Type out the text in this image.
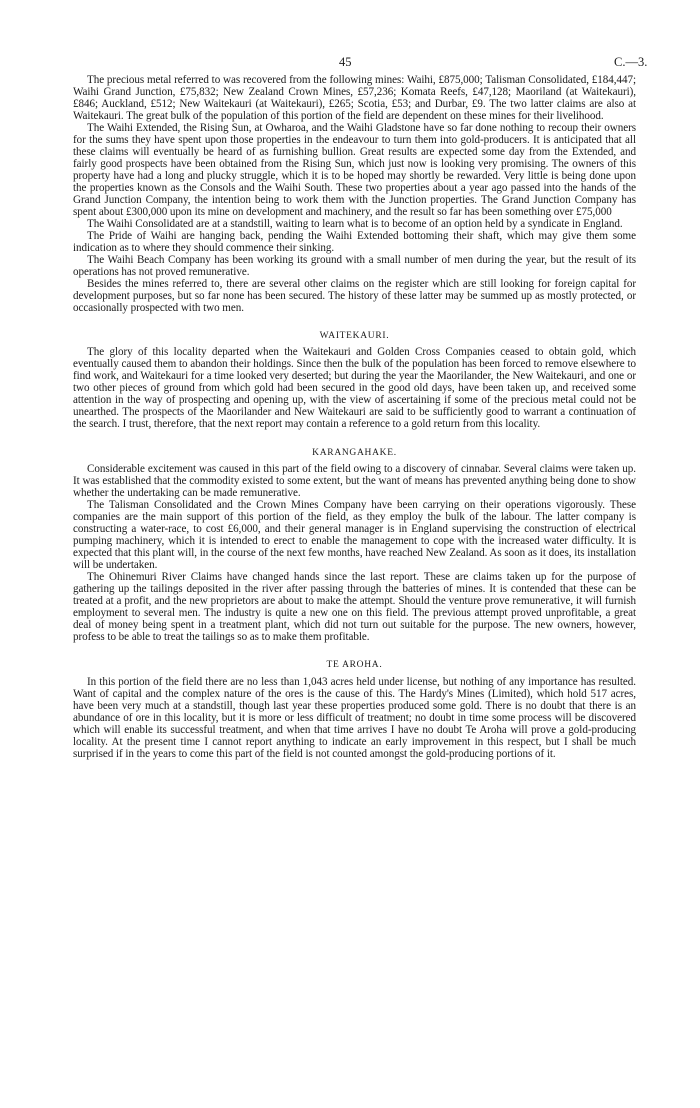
45	C.—3.

The precious metal referred to was recovered from the following mines: Waihi, £875,000; Talisman Consolidated, £184,447; Waihi Grand Junction, £75,832; New Zealand Crown Mines, £57,236; Komata Reefs, £47,128; Maoriland (at Waitekauri), £846; Auckland, £512; New Waitekauri (at Waitekauri), £265; Scotia, £53; and Durbar, £9. The two latter claims are also at Waitekauri. The great bulk of the population of this portion of the field are dependent on these mines for their livelihood.

The Waihi Extended, the Rising Sun, at Owharoa, and the Waihi Gladstone have so far done nothing to recoup their owners for the sums they have spent upon those properties in the endeavour to turn them into gold-producers. It is anticipated that all these claims will eventually be heard of as furnishing bullion. Great results are expected some day from the Extended, and fairly good prospects have been obtained from the Rising Sun, which just now is looking very promising. The owners of this property have had a long and plucky struggle, which it is to be hoped may shortly be rewarded. Very little is being done upon the properties known as the Consols and the Waihi South. These two properties about a year ago passed into the hands of the Grand Junction Company, the intention being to work them with the Junction properties. The Grand Junction Company has spent about £300,000 upon its mine on development and machinery, and the result so far has been something over £75,000

The Waihi Consolidated are at a standstill, waiting to learn what is to become of an option held by a syndicate in England.

The Pride of Waihi are hanging back, pending the Waihi Extended bottoming their shaft, which may give them some indication as to where they should commence their sinking.

The Waihi Beach Company has been working its ground with a small number of men during the year, but the result of its operations has not proved remunerative.

Besides the mines referred to, there are several other claims on the register which are still looking for foreign capital for development purposes, but so far none has been secured. The history of these latter may be summed up as mostly protected, or occasionally prospected with two men.

WAITEKAURI.

The glory of this locality departed when the Waitekauri and Golden Cross Companies ceased to obtain gold, which eventually caused them to abandon their holdings. Since then the bulk of the population has been forced to remove elsewhere to find work, and Waitekauri for a time looked very deserted; but during the year the Maorilander, the New Waitekauri, and one or two other pieces of ground from which gold had been secured in the good old days, have been taken up, and received some attention in the way of prospecting and opening up, with the view of ascertaining if some of the precious metal could not be unearthed. The prospects of the Maorilander and New Waitekauri are said to be sufficiently good to warrant a continuation of the search. I trust, therefore, that the next report may contain a reference to a gold return from this locality.

KARANGAHAKE.

Considerable excitement was caused in this part of the field owing to a discovery of cinnabar. Several claims were taken up. It was established that the commodity existed to some extent, but the want of means has prevented anything being done to show whether the undertaking can be made remunerative.

The Talisman Consolidated and the Crown Mines Company have been carrying on their operations vigorously. These companies are the main support of this portion of the field, as they employ the bulk of the labour. The latter company is constructing a water-race, to cost £6,000, and their general manager is in England supervising the construction of electrical pumping machinery, which it is intended to erect to enable the management to cope with the increased water difficulty. It is expected that this plant will, in the course of the next few months, have reached New Zealand. As soon as it does, its installation will be undertaken.

The Ohinemuri River Claims have changed hands since the last report. These are claims taken up for the purpose of gathering up the tailings deposited in the river after passing through the batteries of mines. It is contended that these can be treated at a profit, and the new proprietors are about to make the attempt. Should the venture prove remunerative, it will furnish employment to several men. The industry is quite a new one on this field. The previous attempt proved unprofitable, a great deal of money being spent in a treatment plant, which did not turn out suitable for the purpose. The new owners, however, profess to be able to treat the tailings so as to make them profitable.

TE AROHA.

In this portion of the field there are no less than 1,043 acres held under license, but nothing of any importance has resulted. Want of capital and the complex nature of the ores is the cause of this. The Hardy's Mines (Limited), which hold 517 acres, have been very much at a standstill, though last year these properties produced some gold. There is no doubt that there is an abundance of ore in this locality, but it is more or less difficult of treatment; no doubt in time some process will be discovered which will enable its successful treatment, and when that time arrives I have no doubt Te Aroha will prove a gold-producing locality. At the present time I cannot report anything to indicate an early improvement in this respect, but I shall be much surprised if in the years to come this part of the field is not counted amongst the gold-producing portions of it.
